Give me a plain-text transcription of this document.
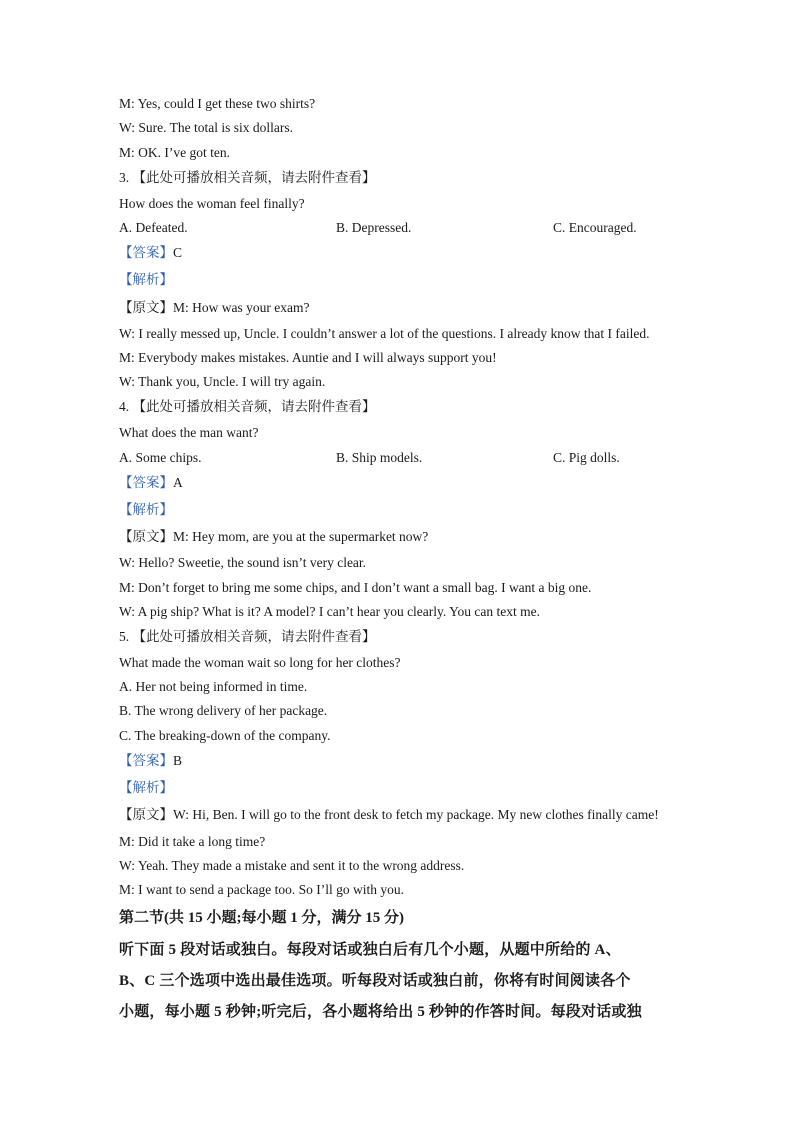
M: Yes, could I get these two shirts?
W: Sure. The total is six dollars.
M: OK. I’ve got ten.
3. 【此处可播放相关音频，请去附件查看】
How does the woman feel finally?
A. Defeated.	B. Depressed.	C. Encouraged.
【答案】C
【解析】
【原文】M: How was your exam?
W: I really messed up, Uncle. I couldn’t answer a lot of the questions. I already know that I failed.
M: Everybody makes mistakes. Auntie and I will always support you!
W: Thank you, Uncle. I will try again.
4. 【此处可播放相关音频，请去附件查看】
What does the man want?
A. Some chips.	B. Ship models.	C. Pig dolls.
【答案】A
【解析】
【原文】M: Hey mom, are you at the supermarket now?
W: Hello? Sweetie, the sound isn’t very clear.
M: Don’t forget to bring me some chips, and I don’t want a small bag. I want a big one.
W: A pig ship? What is it? A model? I can’t hear you clearly. You can text me.
5. 【此处可播放相关音频，请去附件查看】
What made the woman wait so long for her clothes?
A. Her not being informed in time.
B. The wrong delivery of her package.
C. The breaking-down of the company.
【答案】B
【解析】
【原文】W: Hi, Ben. I will go to the front desk to fetch my package. My new clothes finally came!
M: Did it take a long time?
W: Yeah. They made a mistake and sent it to the wrong address.
M: I want to send a package too. So I’ll go with you.
第二节(共 15 小题;每小题 1 分，满分 15 分)
听下面 5 段对话或独白。每段对话或独白后有几个小题，从题中所给的 A、
B、C 三个选项中选出最佳选项。听每段对话或独白前，你将有时间阅读各个
小题，每小题 5 秒钟;听完后，各小题将给出 5 秒钟的作答时间。每段对话或独
